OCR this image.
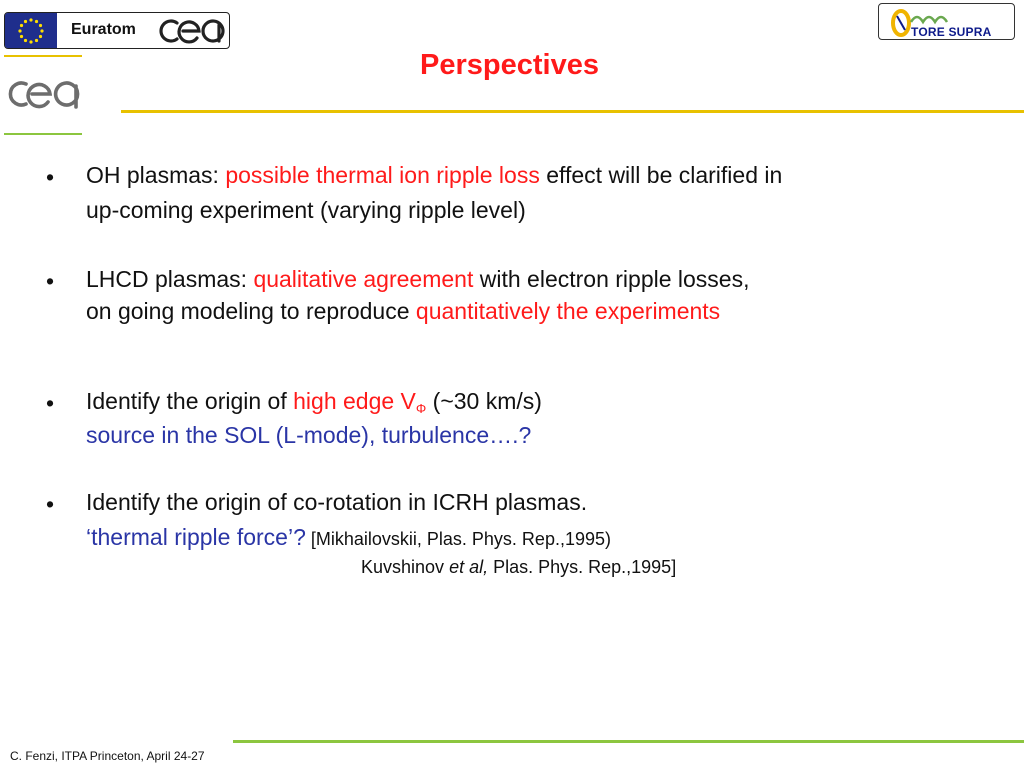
Euratom	TORE SUPRA
Perspectives
• OH plasmas: possible thermal ion ripple loss effect will be clarified in
up-coming experiment (varying ripple level)
• LHCD plasmas: qualitative agreement with electron ripple losses,
on going modeling to reproduce quantitatively the experiments
• Identify the origin of high edge $V_\Phi$ (~30 km/s)
source in the SOL (L-mode), turbulence….?
• Identify the origin of co-rotation in ICRH plasmas.
‘thermal ripple force’? [Mikhailovskii, Plas. Phys. Rep.,1995)
Kuvshinov et al, Plas. Phys. Rep.,1995]
C. Fenzi, ITPA Princeton, April 24-27
